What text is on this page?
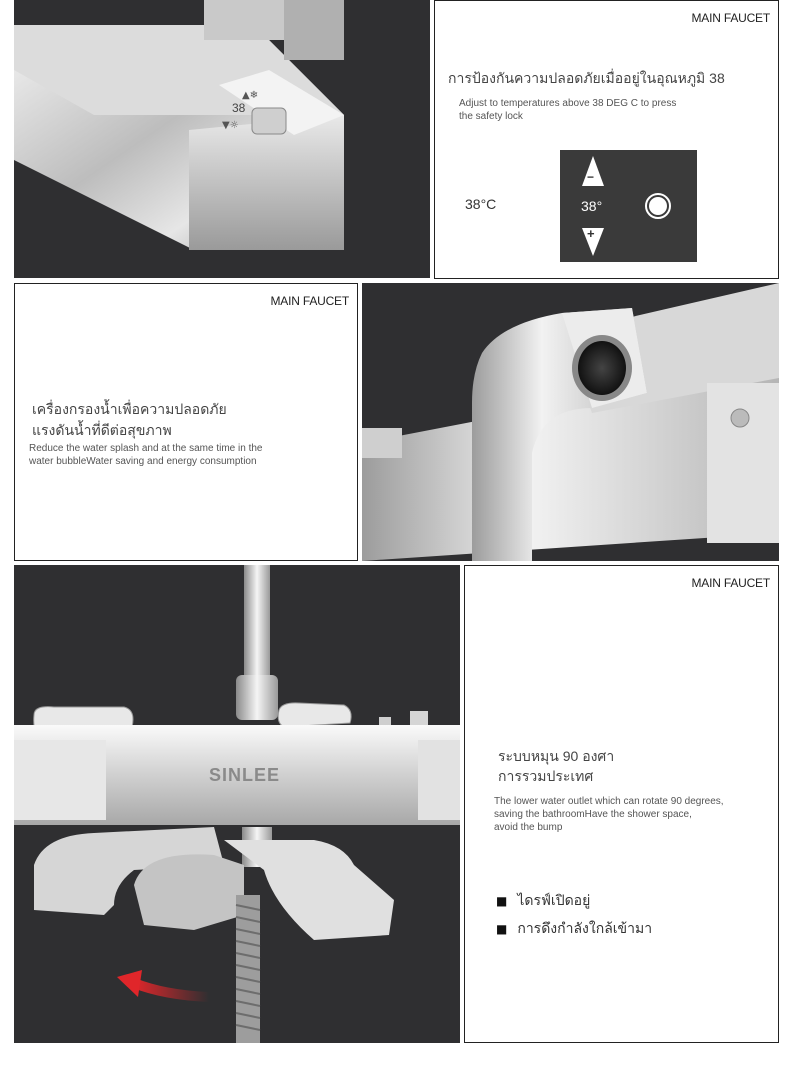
38
▲❄
▼☼
MAIN FAUCET
การป้องกันความปลอดภัยเมื่ออยู่ในอุณหภูมิ 38
Adjust to temperatures above 38 DEG C to press
the safety lock
38°C
−
38°
+
MAIN FAUCET
เครื่องกรองน้ำเพื่อความปลอดภัย
แรงดันน้ำที่ดีต่อสุขภาพ
Reduce the water splash and at the same time in the
water bubbleWater saving and energy consumption
SINLEE
MAIN FAUCET
ระบบหมุน 90 องศา
การรวมประเทศ
The lower water outlet which can rotate 90 degrees,
saving the bathroomHave the shower space,
avoid the bump
■ ไดรฟ์เปิดอยู่
■ การดึงกำลังใกล้เข้ามา
